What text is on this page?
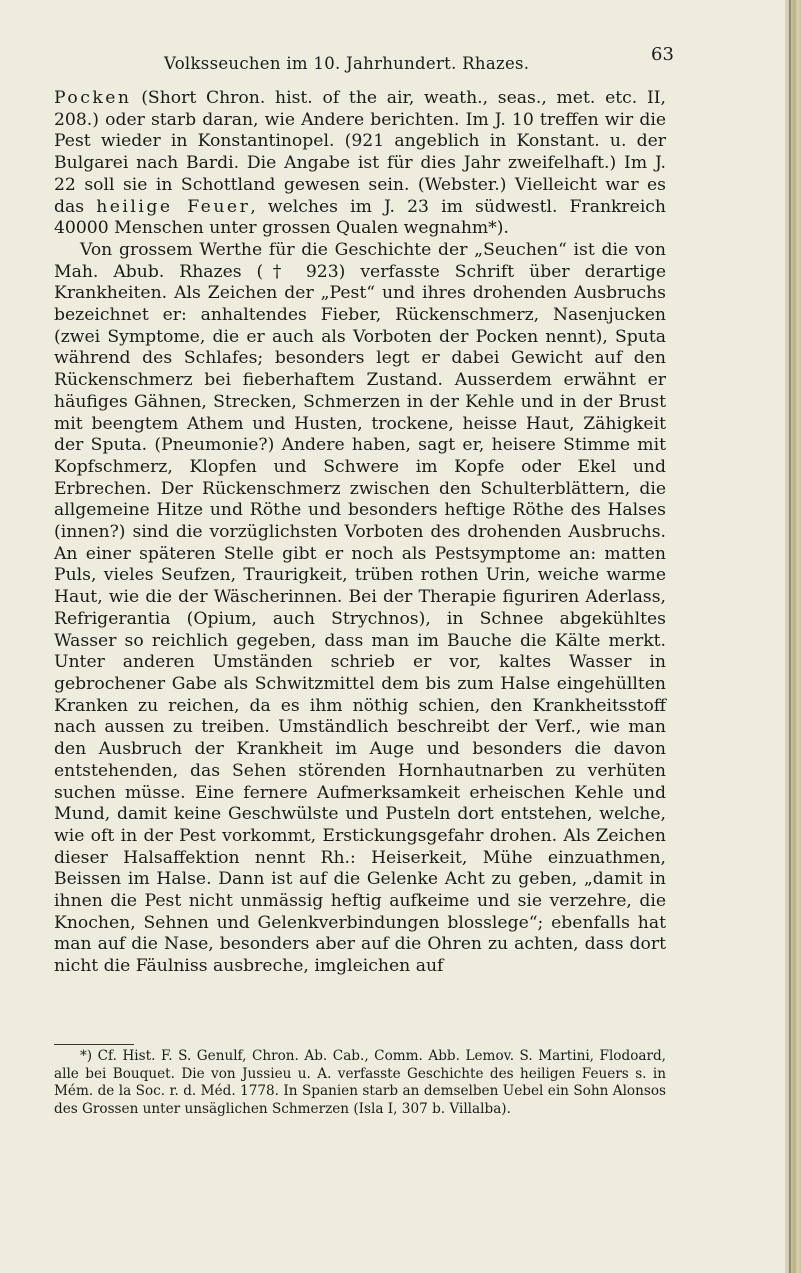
Volksseuchen im 10. Jahrhundert. Rhazes.	63

Pocken (Short Chron. hist. of the air, weath., seas., met. etc. II, 208.) oder starb daran, wie Andere berichten. Im J. 10 treffen wir die Pest wieder in Konstantinopel. (921 angeblich in Konstant. u. der Bulgarei nach Bardi. Die Angabe ist für dies Jahr zweifelhaft.) Im J. 22 soll sie in Schottland gewesen sein. (Webster.) Vielleicht war es das heilige Feuer, welches im J. 23 im südwestl. Frankreich 40000 Menschen unter grossen Qualen wegnahm*).

Von grossem Werthe für die Geschichte der „Seuchen“ ist die von Mah. Abub. Rhazes († 923) verfasste Schrift über derartige Krankheiten. Als Zeichen der „Pest“ und ihres drohenden Ausbruchs bezeichnet er: anhaltendes Fieber, Rückenschmerz, Nasenjucken (zwei Symptome, die er auch als Vorboten der Pocken nennt), Sputa während des Schlafes; besonders legt er dabei Gewicht auf den Rückenschmerz bei fieberhaftem Zustand. Ausserdem erwähnt er häufiges Gähnen, Strecken, Schmerzen in der Kehle und in der Brust mit beengtem Athem und Husten, trockene, heisse Haut, Zähigkeit der Sputa. (Pneumonie?) Andere haben, sagt er, heisere Stimme mit Kopfschmerz, Klopfen und Schwere im Kopfe oder Ekel und Erbrechen. Der Rückenschmerz zwischen den Schulterblättern, die allgemeine Hitze und Röthe und besonders heftige Röthe des Halses (innen?) sind die vorzüglichsten Vorboten des drohenden Ausbruchs. An einer späteren Stelle gibt er noch als Pestsymptome an: matten Puls, vieles Seufzen, Traurigkeit, trüben rothen Urin, weiche warme Haut, wie die der Wäscherinnen. Bei der Therapie figuriren Aderlass, Refrigerantia (Opium, auch Strychnos), in Schnee abgekühltes Wasser so reichlich gegeben, dass man im Bauche die Kälte merkt. Unter anderen Umständen schrieb er vor, kaltes Wasser in gebrochener Gabe als Schwitzmittel dem bis zum Halse eingehüllten Kranken zu reichen, da es ihm nöthig schien, den Krankheitsstoff nach aussen zu treiben. Umständlich beschreibt der Verf., wie man den Ausbruch der Krankheit im Auge und besonders die davon entstehenden, das Sehen störenden Hornhautnarben zu verhüten suchen müsse. Eine fernere Aufmerksamkeit erheischen Kehle und Mund, damit keine Geschwülste und Pusteln dort entstehen, welche, wie oft in der Pest vorkommt, Erstickungsgefahr drohen. Als Zeichen dieser Halsaffektion nennt Rh.: Heiserkeit, Mühe einzuathmen, Beissen im Halse. Dann ist auf die Gelenke Acht zu geben, „damit in ihnen die Pest nicht unmässig heftig aufkeime und sie verzehre, die Knochen, Sehnen und Gelenkverbindungen blosslege“; ebenfalls hat man auf die Nase, besonders aber auf die Ohren zu achten, dass dort nicht die Fäulniss ausbreche, imgleichen auf

*) Cf. Hist. F. S. Genulf, Chron. Ab. Cab., Comm. Abb. Lemov. S. Martini, Flodoard, alle bei Bouquet. Die von Jussieu u. A. verfasste Geschichte des heiligen Feuers s. in Mém. de la Soc. r. d. Méd. 1778. In Spanien starb an demselben Uebel ein Sohn Alonsos des Grossen unter unsäglichen Schmerzen (Isla I, 307 b. Villalba).
